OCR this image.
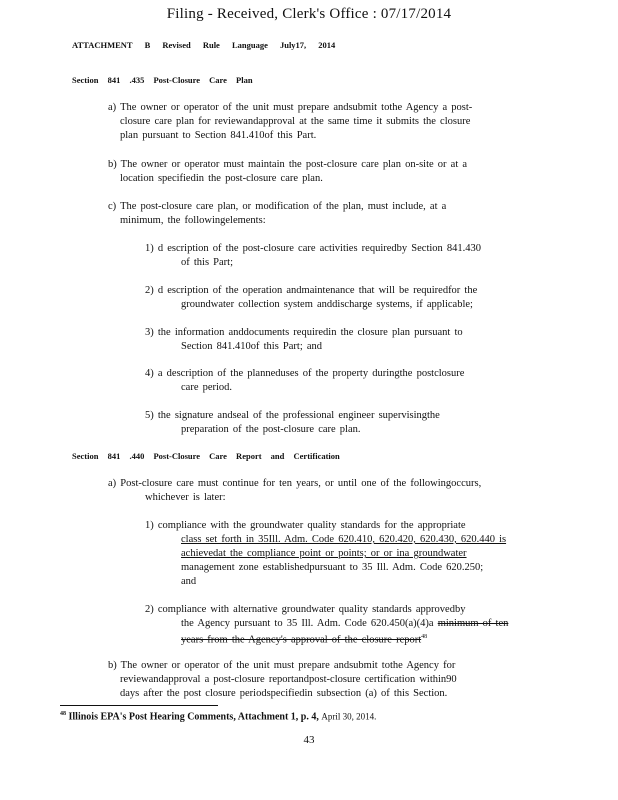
Filing - Received, Clerk's Office : 07/17/2014
ATTACHMENT B Revised Rule Language July17, 2014
Section 841 .435 Post-Closure Care Plan
a) The owner or operator of the unit must prepare andsubmit tothe Agency a post-
closure care plan for reviewandapproval at the same time it submits the closure
plan pursuant to Section 841.410of this Part.
b) The owner or operator must maintain the post-closure care plan on-site or at a
location specifiedin the post-closure care plan.
c) The post-closure care plan, or modification of the plan, must include, at a
minimum, the followingelements:
1) d escription of the post-closure care activities requiredby Section 841.430
of this Part;
2) d escription of the operation andmaintenance that will be requiredfor the
groundwater collection system anddischarge systems, if applicable;
3) the information anddocuments requiredin the closure plan pursuant to
Section 841.410of this Part; and
4) a description of the planneduses of the property duringthe postclosure
care period.
5) the signature andseal of the professional engineer supervisingthe
preparation of the post-closure care plan.
Section 841 .440 Post-Closure Care Report and Certification
a) Post-closure care must continue for ten years, or until one of the followingoccurs,
whichever is later:
1) compliance with the groundwater quality standards for the appropriate
class set forth in 35Ill. Adm. Code 620.410, 620.420, 620.430, 620.440 is
achievedat the compliance point or points; or or ina groundwater
management zone establishedpursuant to 35 Ill. Adm. Code 620.250;
and
2) compliance with alternative groundwater quality standards approvedby
the Agency pursuant to 35 Ill. Adm. Code 620.450(a)(4)a minimum of ten
years from the Agency's approval of the closure report$^{48}$
b) The owner or operator of the unit must prepare andsubmit tothe Agency for
reviewandapproval a post-closure reportandpost-closure certification within90
days after the post closure periodspecifiedin subsection (a) of this Section.
$^{48}$ Illinois EPA's Post Hearing Comments, Attachment 1, p. 4, April 30, 2014.
43
